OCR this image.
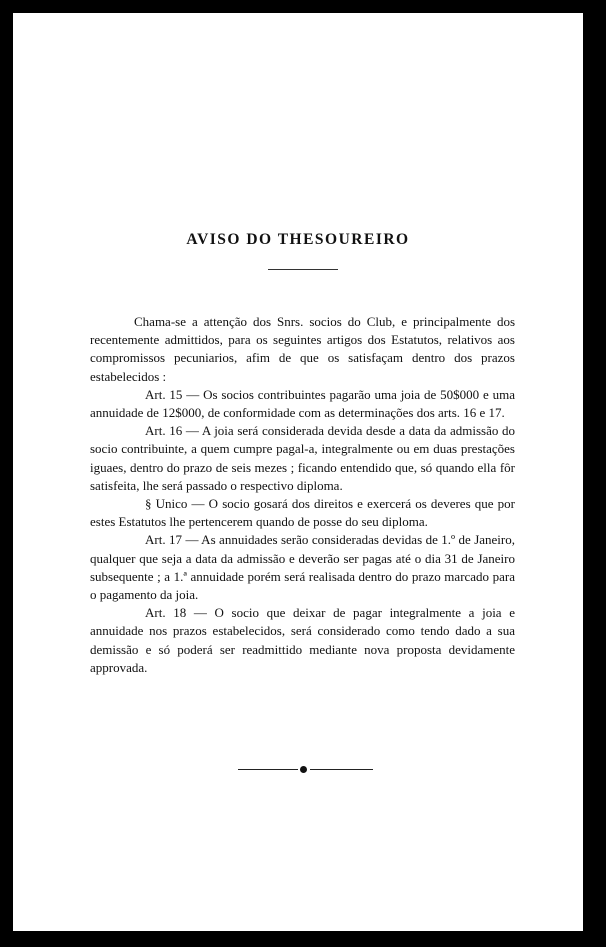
AVISO DO THESOUREIRO

Chama-se a attenção dos Snrs. socios do Club, e principalmente dos recentemente admittidos, para os seguintes artigos dos Estatutos, relativos aos compromissos pecuniarios, afim de que os satisfaçam dentro dos prazos estabelecidos :

Art. 15 — Os socios contribuintes pagarão uma joia de 50$000 e uma annuidade de 12$000, de conformidade com as determinações dos arts. 16 e 17.

Art. 16 — A joia será considerada devida desde a data da admissão do socio contribuinte, a quem cumpre pagal-a, integralmente ou em duas prestações iguaes, dentro do prazo de seis mezes ; ficando entendido que, só quando ella fôr satisfeita, lhe será passado o respectivo diploma.

§ Unico — O socio gosará dos direitos e exercerá os deveres que por estes Estatutos lhe pertencerem quando de posse do seu diploma.

Art. 17 — As annuidades serão consideradas devidas de 1.º de Janeiro, qualquer que seja a data da admissão e deverão ser pagas até o dia 31 de Janeiro subsequente ; a 1.ª annuidade porém será realisada dentro do prazo marcado para o pagamento da joia.

Art. 18 — O socio que deixar de pagar integralmente a joia e annuidade nos prazos estabelecidos, será considerado como tendo dado a sua demissão e só poderá ser readmittido mediante nova proposta devidamente approvada.
